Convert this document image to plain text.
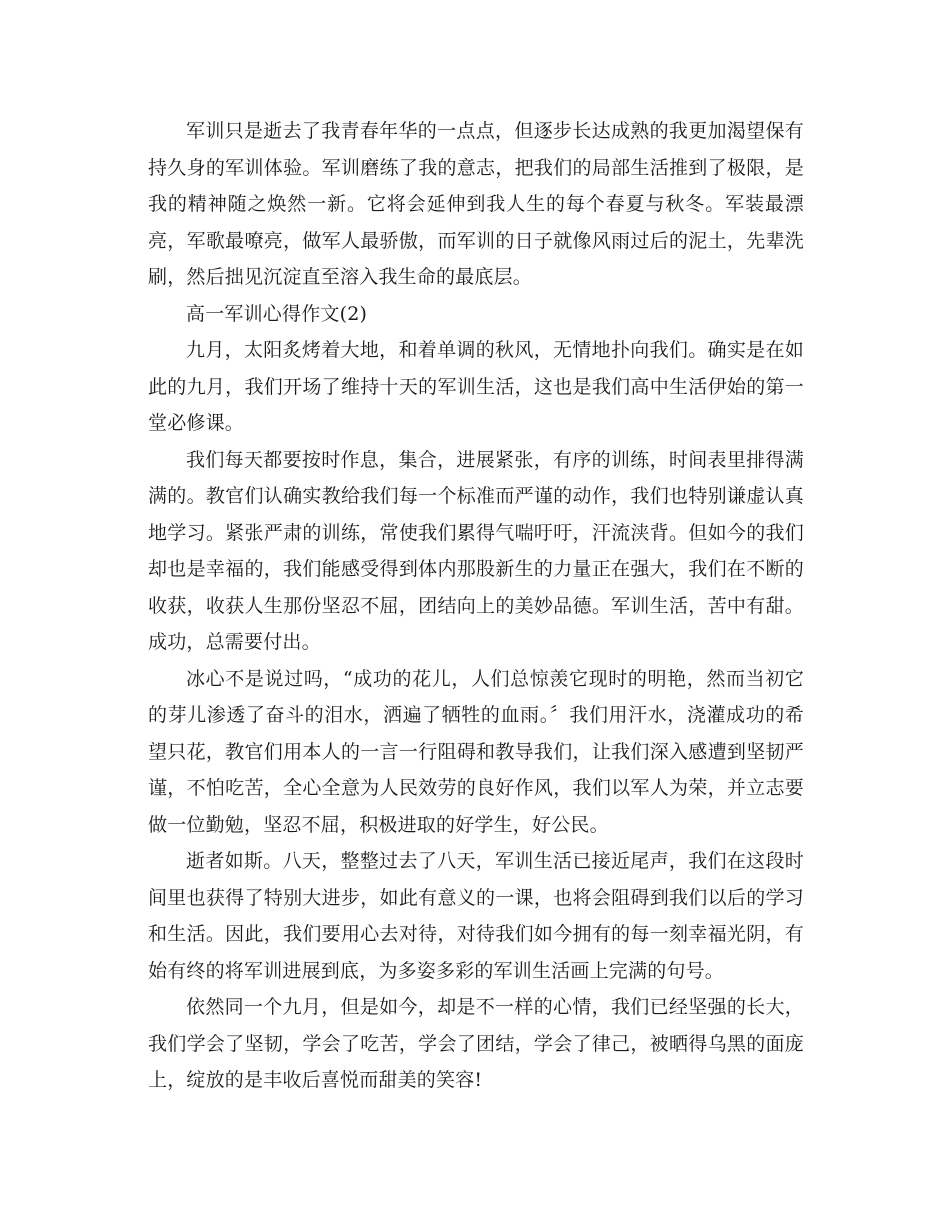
军训只是逝去了我青春年华的一点点，但逐步长达成熟的我更加渴望保有持久身的军训体验。军训磨练了我的意志，把我们的局部生活推到了极限，是我的精神随之焕然一新。它将会延伸到我人生的每个春夏与秋冬。军装最漂亮，军歌最嘹亮，做军人最骄傲，而军训的日子就像风雨过后的泥土，先辈洗刷，然后拙见沉淀直至溶入我生命的最底层。

高一军训心得作文(2)

九月，太阳炙烤着大地，和着单调的秋风，无情地扑向我们。确实是在如此的九月，我们开场了维持十天的军训生活，这也是我们高中生活伊始的第一堂必修课。

我们每天都要按时作息，集合，进展紧张，有序的训练，时间表里排得满满的。教官们认确实教给我们每一个标准而严谨的动作，我们也特别谦虚认真地学习。紧张严肃的训练，常使我们累得气喘吁吁，汗流浃背。但如今的我们却也是幸福的，我们能感受得到体内那股新生的力量正在强大，我们在不断的收获，收获人生那份坚忍不屈，团结向上的美妙品德。军训生活，苦中有甜。成功，总需要付出。

冰心不是说过吗，“成功的花儿，人们总惊羡它现时的明艳，然而当初它的芽儿渗透了奋斗的泪水，洒遍了牺牲的血雨。〞我们用汗水，浇灌成功的希望只花，教官们用本人的一言一行阻碍和教导我们，让我们深入感遭到坚韧严谨，不怕吃苦，全心全意为人民效劳的良好作风，我们以军人为荣，并立志要做一位勤勉，坚忍不屈，积极进取的好学生，好公民。

逝者如斯。八天，整整过去了八天，军训生活已接近尾声，我们在这段时间里也获得了特别大进步，如此有意义的一课，也将会阻碍到我们以后的学习和生活。因此，我们要用心去对待，对待我们如今拥有的每一刻幸福光阴，有始有终的将军训进展到底，为多姿多彩的军训生活画上完满的句号。

依然同一个九月，但是如今，却是不一样的心情，我们已经坚强的长大，我们学会了坚韧，学会了吃苦，学会了团结，学会了律己，被晒得乌黑的面庞上，绽放的是丰收后喜悦而甜美的笑容!
